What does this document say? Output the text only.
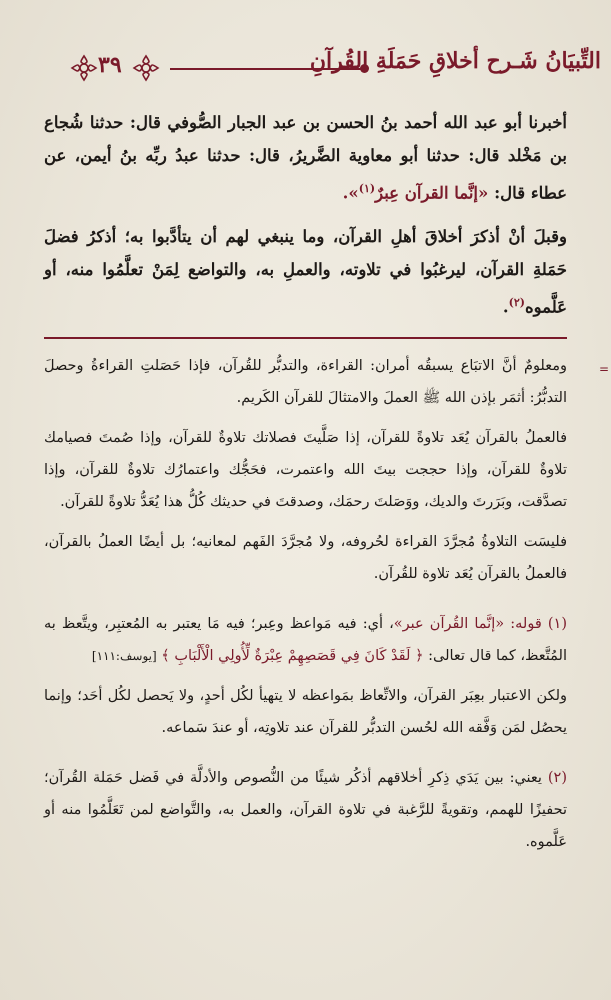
٣٩	التِّبيَانُ شَـرح أخلاقِ حَمَلَةِ القُرآنِ

أخبرنا أبو عبد الله أحمد بنُ الحسن بن عبد الجبار الصُّوفي قال: حدثنا شُجاع بن مَخْلد قال: حدثنا أبو معاوية الضَّريرُ، قال: حدثنا عبدُ ربِّه بنُ أيمن، عن عطاء قال: «إنَّما القرآن عِبرٌ$^{(١)}$».

وقبلَ أنْ أذكرَ أخلاقَ أهلِ القرآن، وما ينبغي لهم أن يتأدَّبوا به؛ أذكرُ فضلَ حَمَلةِ القرآن، ليرغبُوا في تلاوته، والعملِ به، والتواضع لِمَنْ تعلَّمُوا منه، أو عَلَّموه$^{(٢)}$.

=

ومعلومٌ أنَّ الاتبَاع يسبقُه أمران: القراءة، والتدبُّر للقُرآن، فإذا حَصَلتِ القراءةُ وحصلَ التدبُّرُ: أثمَر بإذن الله ﷺ العملَ والامتثالَ للقرآن الكَريم.

فالعملُ بالقرآن يُعَد تلاوةً للقرآن، إذا صَلَّيتَ فصلاتك تلاوةٌ للقرآن، وإذا صُمتَ فصيامك تلاوةٌ للقرآن، وإذا حججت بيتَ الله واعتمرت، فحَجُّك واعتمارُك تلاوةٌ للقرآن، وإذا تصدَّقت، وبَرَرتَ والديك، ووَصَلتَ رحمَك، وصدقتَ في حديثك كُلُّ هذا يُعَدُّ تلاوةً للقرآن.

فليسَت التلاوةُ مُجرَّدَ القراءة لحُروفه، ولا مُجرَّدَ الفَهم لمعانيه؛ بل أيضًا العملُ بالقرآن، فالعملُ بالقرآن يُعَد تلاوة للقُرآن.

(١) قوله: «إنَّما القُرآن عبر»، أي: فيه مَواعظ وعِبر؛ فيه مَا يعتبر به المُعتبِر، ويتَّعظ به المُتَّعظ، كما قال تعالى: ﴿ لَقَدْ كَانَ فِي قَصَصِهِمْ عِبْرَةٌ لِّأُولِي الْأَلْبَابِ ﴾ [يوسف:١١١]

ولكن الاعتبار بعِبَر القرآن، والاتِّعاظ بمَواعظه لا يتهيأ لكُل أحدٍ، ولا يَحصل لكُل أحَد؛ وإنما يحصُل لمَن وَفَّقه الله لحُسن التدبُّر للقرآن عند تلاوتِه، أو عندَ سَماعه.

(٢) يعني: بين يَدَي ذِكرِ أخلاقهم أذكُر شيئًا من النُّصوص والأدلَّة في فَضل حَمَلة القُرآن؛ تحفيزًا للهمم، وتقويةً للرَّغبة في تلاوة القرآن، والعمل به، والتَّواضع لمن تَعَلَّمُوا منه أو عَلَّموه.
